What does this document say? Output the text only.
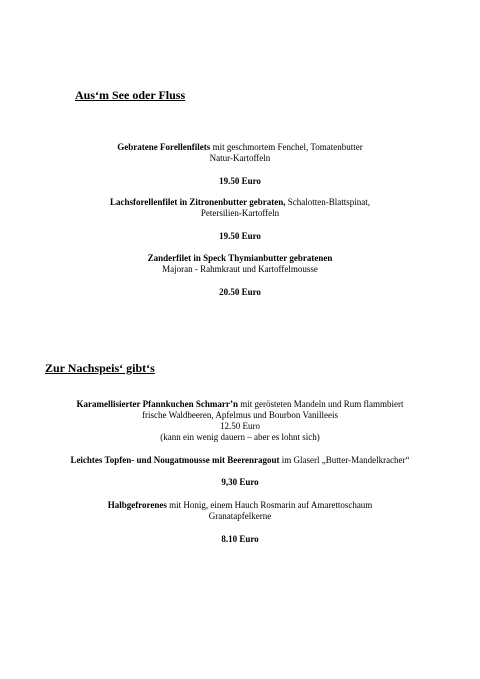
Aus‘m See oder Fluss
Gebratene Forellenfilets mit geschmortem Fenchel, Tomatenbutter
Natur-Kartoffeln
19.50 Euro
Lachsforellenfilet in Zitronenbutter gebraten, Schalotten-Blattspinat,
Petersilien-Kartoffeln
19.50 Euro
Zanderfilet in Speck Thymianbutter gebratenen
Majoran - Rahmkraut und Kartoffelmousse
20.50 Euro
Zur Nachspeis‘ gibt‘s
Karamellisierter Pfannkuchen Schmarr’n mit gerösteten Mandeln und Rum flammbiert
frische Waldbeeren, Apfelmus und Bourbon Vanilleeis
12.50 Euro
(kann ein wenig dauern – aber es lohnt sich)
Leichtes Topfen- und Nougatmousse mit Beerenragout im Glaserl „Butter-Mandelkracher“
9,30 Euro
Halbgefrorenes mit Honig, einem Hauch Rosmarin auf Amarettoschaum
Granatapfelkerne
8.10 Euro
